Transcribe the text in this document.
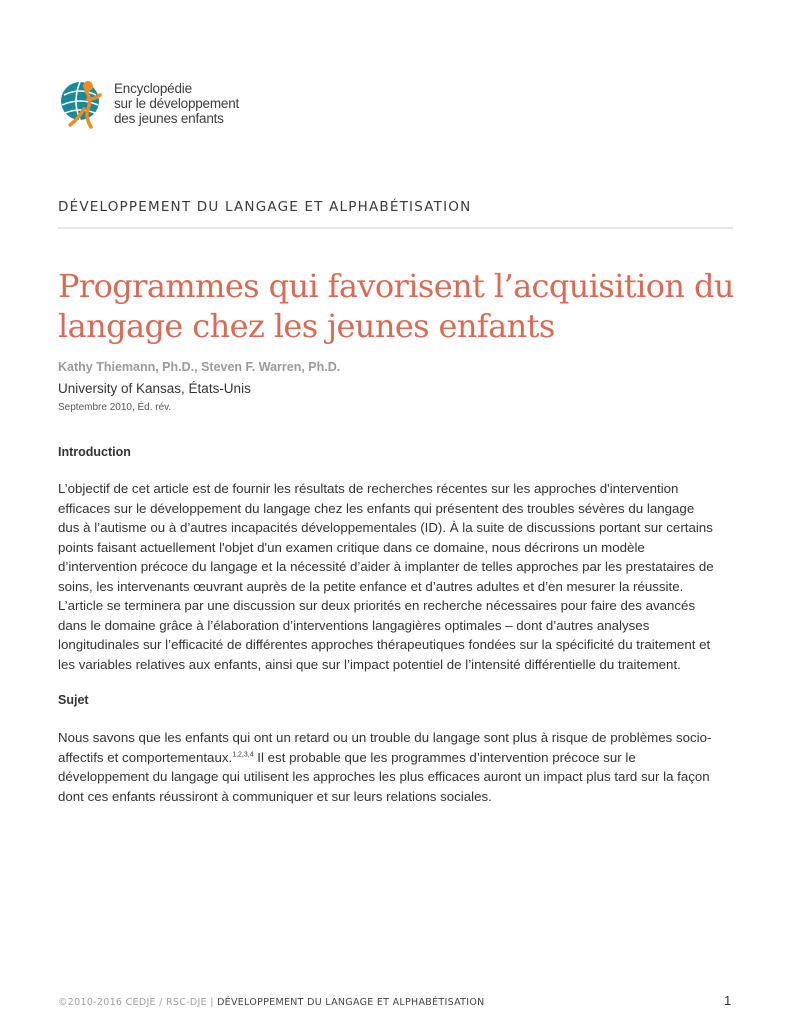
Encyclopédie
sur le développement
des jeunes enfants
DÉVELOPPEMENT DU LANGAGE ET ALPHABÉTISATION
Programmes qui favorisent l’acquisition du
langage chez les jeunes enfants
Kathy Thiemann, Ph.D., Steven F. Warren, Ph.D.
University of Kansas, États-Unis
Septembre 2010, Éd. rév.
Introduction
L’objectif de cet article est de fournir les résultats de recherches récentes sur les approches d'intervention
efficaces sur le développement du langage chez les enfants qui présentent des troubles sévères du langage
dus à l’autisme ou à d’autres incapacités développementales (ID). À la suite de discussions portant sur certains
points faisant actuellement l'objet d'un examen critique dans ce domaine, nous décrirons un modèle
d’intervention précoce du langage et la nécessité d’aider à implanter de telles approches par les prestataires de
soins, les intervenants œuvrant auprès de la petite enfance et d’autres adultes et d’en mesurer la réussite.
L’article se terminera par une discussion sur deux priorités en recherche nécessaires pour faire des avancés
dans le domaine grâce à l’élaboration d’interventions langagières optimales – dont d’autres analyses
longitudinales sur l’efficacité de différentes approches thérapeutiques fondées sur la spécificité du traitement et
les variables relatives aux enfants, ainsi que sur l’impact potentiel de l’intensité différentielle du traitement.
Sujet
Nous savons que les enfants qui ont un retard ou un trouble du langage sont plus à risque de problèmes socio-
affectifs et comportementaux.$^{1,2,3,4}$ Il est probable que les programmes d’intervention précoce sur le
développement du langage qui utilisent les approches les plus efficaces auront un impact plus tard sur la façon
dont ces enfants réussiront à communiquer et sur leurs relations sociales.
©2010-2016 CEDJE / RSC-DJE | DÉVELOPPEMENT DU LANGAGE ET ALPHABÉTISATION	1
